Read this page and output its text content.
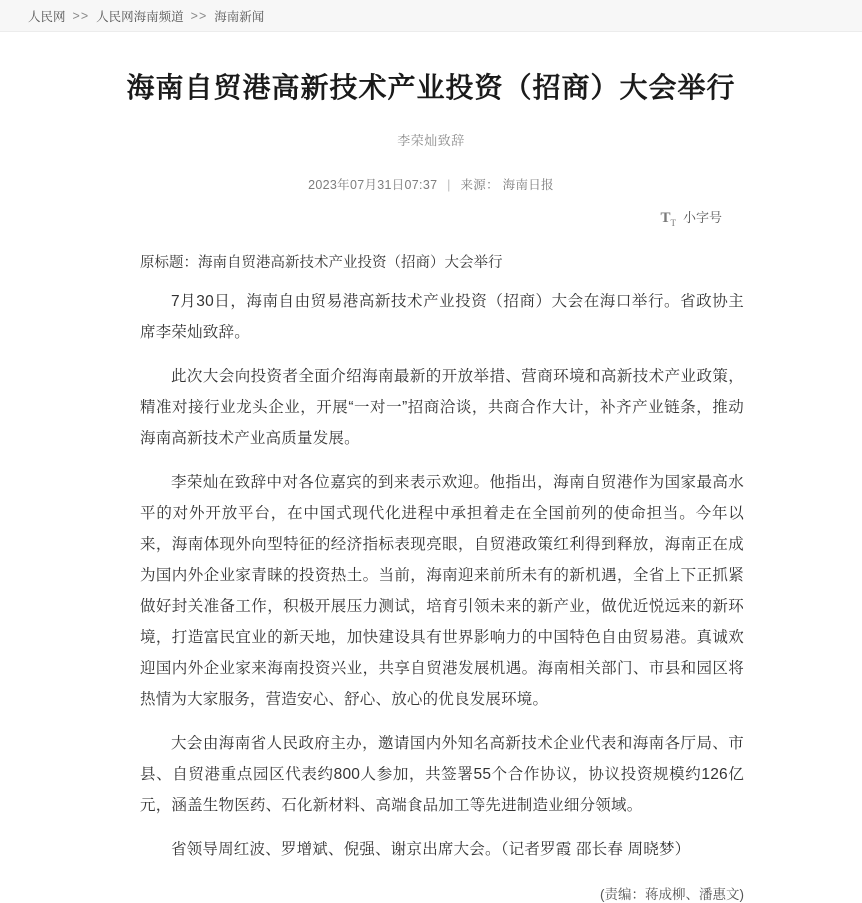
人民网 >> 人民网海南频道 >> 海南新闻
海南自贸港高新技术产业投资（招商）大会举行
李荣灿致辞
2023年07月31日07:37 | 来源： 海南日报
$T_T$ 小字号
原标题：海南自贸港高新技术产业投资（招商）大会举行

7月30日，海南自由贸易港高新技术产业投资（招商）大会在海口举行。省政协主席李荣灿致辞。

此次大会向投资者全面介绍海南最新的开放举措、营商环境和高新技术产业政策，精准对接行业龙头企业，开展“一对一”招商洽谈，共商合作大计，补齐产业链条，推动海南高新技术产业高质量发展。

李荣灿在致辞中对各位嘉宾的到来表示欢迎。他指出，海南自贸港作为国家最高水平的对外开放平台，在中国式现代化进程中承担着走在全国前列的使命担当。今年以来，海南体现外向型特征的经济指标表现亮眼，自贸港政策红利得到释放，海南正在成为国内外企业家青睐的投资热土。当前，海南迎来前所未有的新机遇，全省上下正抓紧做好封关准备工作，积极开展压力测试，培育引领未来的新产业，做优近悦远来的新环境，打造富民宜业的新天地，加快建设具有世界影响力的中国特色自由贸易港。真诚欢迎国内外企业家来海南投资兴业，共享自贸港发展机遇。海南相关部门、市县和园区将热情为大家服务，营造安心、舒心、放心的优良发展环境。

大会由海南省人民政府主办，邀请国内外知名高新技术企业代表和海南各厅局、市县、自贸港重点园区代表约800人参加，共签署55个合作协议，协议投资规模约126亿元，涵盖生物医药、石化新材料、高端食品加工等先进制造业细分领域。

省领导周红波、罗增斌、倪强、谢京出席大会。（记者罗霞 邵长春 周晓梦）

(责编：蒋成柳、潘惠文)
